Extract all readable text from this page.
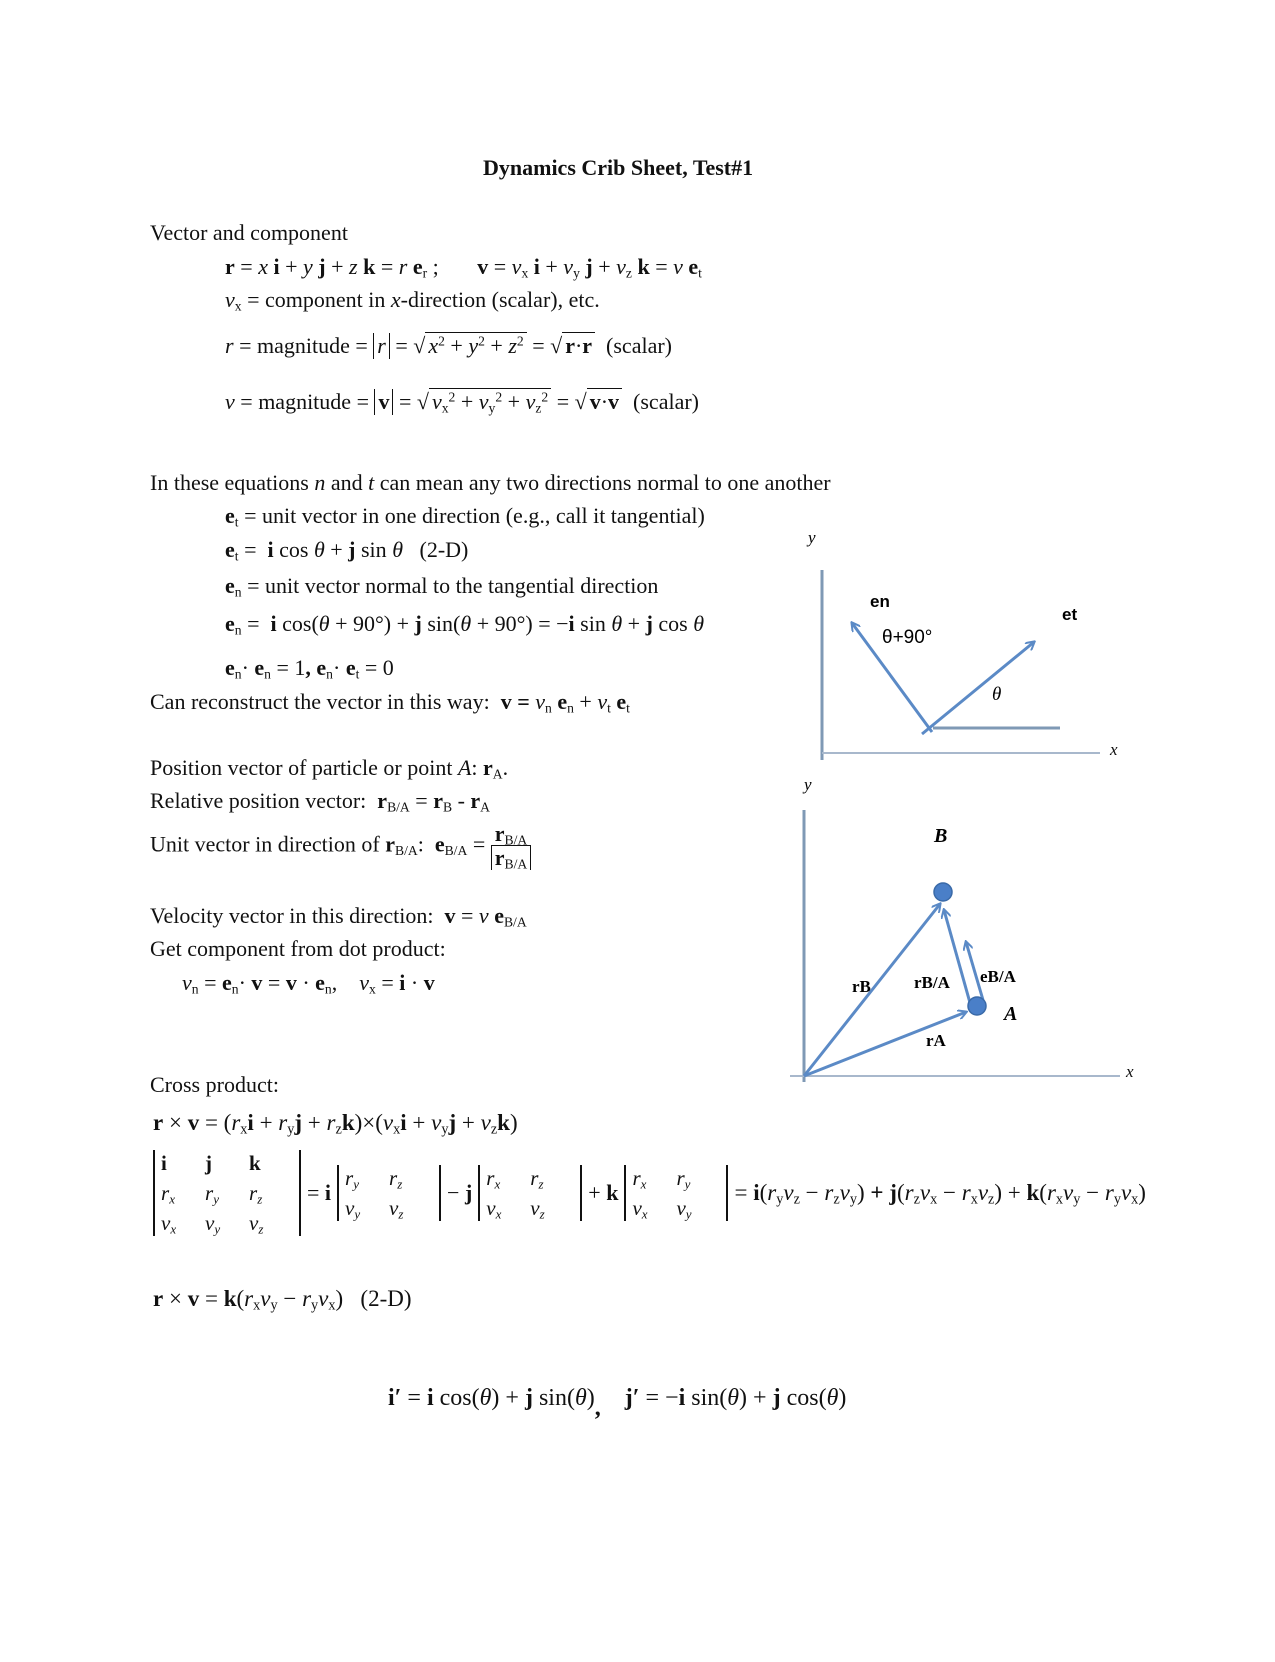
Dynamics Crib Sheet, Test#1
Vector and component
r = x i + y j + z k = r $e_r$ ;       $v = v_x$ $i + v_y$ $j + v_z$ k = v $e_t$
$v_x$ = component in x-direction (scalar), etc.
r = magnitude = r = √ $x^2 + y^2 + z^2$ = √ r·r (scalar)
v = magnitude = v = √ $v_x^2 + v_y^2 + v_z^2$ = √ v·v (scalar)
In these equations n and t can mean any two directions normal to one another
$e_t$ = unit vector in one direction (e.g., call it tangential)
$e_t = i$ cos θ + j sin θ (2-D)
$e_n$ = unit vector normal to the tangential direction
$e_n = i$ cos(θ + 90°) + j sin(θ + 90°) = −i sin θ + j cos θ
$e_n\cdot e_n = 1$, $e_n\cdot e_t = 0$
Can reconstruct the vector in this way: $v = v_n$ $e_n + v_t$ $e_t$
Position vector of particle or point A: $r_A$.
Relative position vector: $r_{B/A} = r_B - r_A$
Unit vector in direction of $r_{B/A}$:  $e_{B/A} = \frac{r_{B/A}}{r_{B/A}}$
Velocity vector in this direction: v = v $e_{B/A}$
Get component from dot product:
$v_n = e_n\cdot v = v \cdot e_n$,    $v_x = i \cdot v$
Cross product:
$r \times v = (r_xi + r_yj + r_zk)\times(v_xi + v_yj + v_zk)$
i	j	k
$r_x$	$r_y$	$r_z$
$v_x$	$v_y$	$v_z$
= i
$r_y$	$r_z$
$v_y$	$v_z$
− j
$r_x$	$r_z$
$v_x$	$v_z$
+ k
$r_x$	$r_y$
$v_x$	$v_y$
= $i(r_yv_z - r_zv_y) + j(r_zv_x - r_xv_z) + k(r_xv_y - r_yv_x)$
$r \times v = k(r_xv_y - r_yv_x)$   (2-D)
i′ = i cos(θ) + j sin(θ), j′ = −i sin(θ) + j cos(θ)
y
en
et
θ+90°
θ
x
y
B
A
rB
rA
rB/A eB/A
x
